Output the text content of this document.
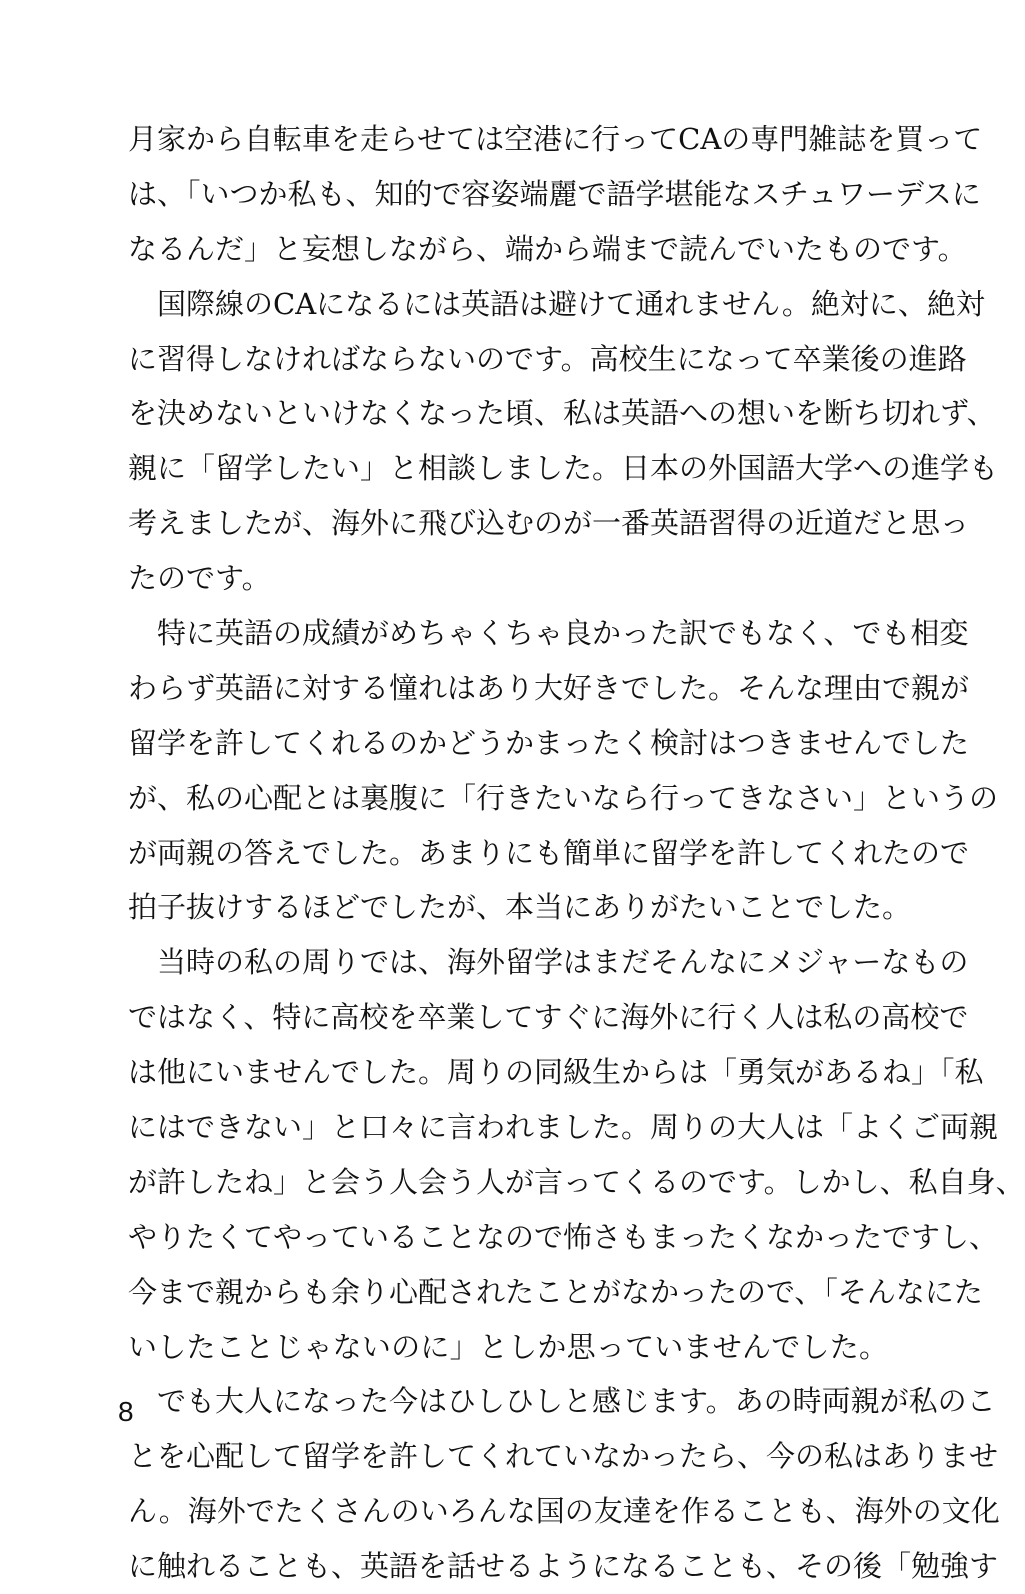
月家から自転車を走らせては空港に行ってCAの専門雑誌を買って
は、「いつか私も、知的で容姿端麗で語学堪能なスチュワーデスに
なるんだ」と妄想しながら、端から端まで読んでいたものです。
　国際線のCAになるには英語は避けて通れません。絶対に、絶対
に習得しなければならないのです。高校生になって卒業後の進路
を決めないといけなくなった頃、私は英語への想いを断ち切れず、
親に「留学したい」と相談しました。日本の外国語大学への進学も
考えましたが、海外に飛び込むのが一番英語習得の近道だと思っ
たのです。
　特に英語の成績がめちゃくちゃ良かった訳でもなく、でも相変
わらず英語に対する憧れはあり大好きでした。そんな理由で親が
留学を許してくれるのかどうかまったく検討はつきませんでした
が、私の心配とは裏腹に「行きたいなら行ってきなさい」というの
が両親の答えでした。あまりにも簡単に留学を許してくれたので
拍子抜けするほどでしたが、本当にありがたいことでした。
　当時の私の周りでは、海外留学はまだそんなにメジャーなもの
ではなく、特に高校を卒業してすぐに海外に行く人は私の高校で
は他にいませんでした。周りの同級生からは「勇気があるね」「私
にはできない」と口々に言われました。周りの大人は「よくご両親
が許したね」と会う人会う人が言ってくるのです。しかし、私自身、
やりたくてやっていることなので怖さもまったくなかったですし、
今まで親からも余り心配されたことがなかったので、「そんなにた
いしたことじゃないのに」としか思っていませんでした。
　でも大人になった今はひしひしと感じます。あの時両親が私のこ
とを心配して留学を許してくれていなかったら、今の私はありませ
ん。海外でたくさんのいろんな国の友達を作ることも、海外の文化
に触れることも、英語を話せるようになることも、その後「勉強す
8
